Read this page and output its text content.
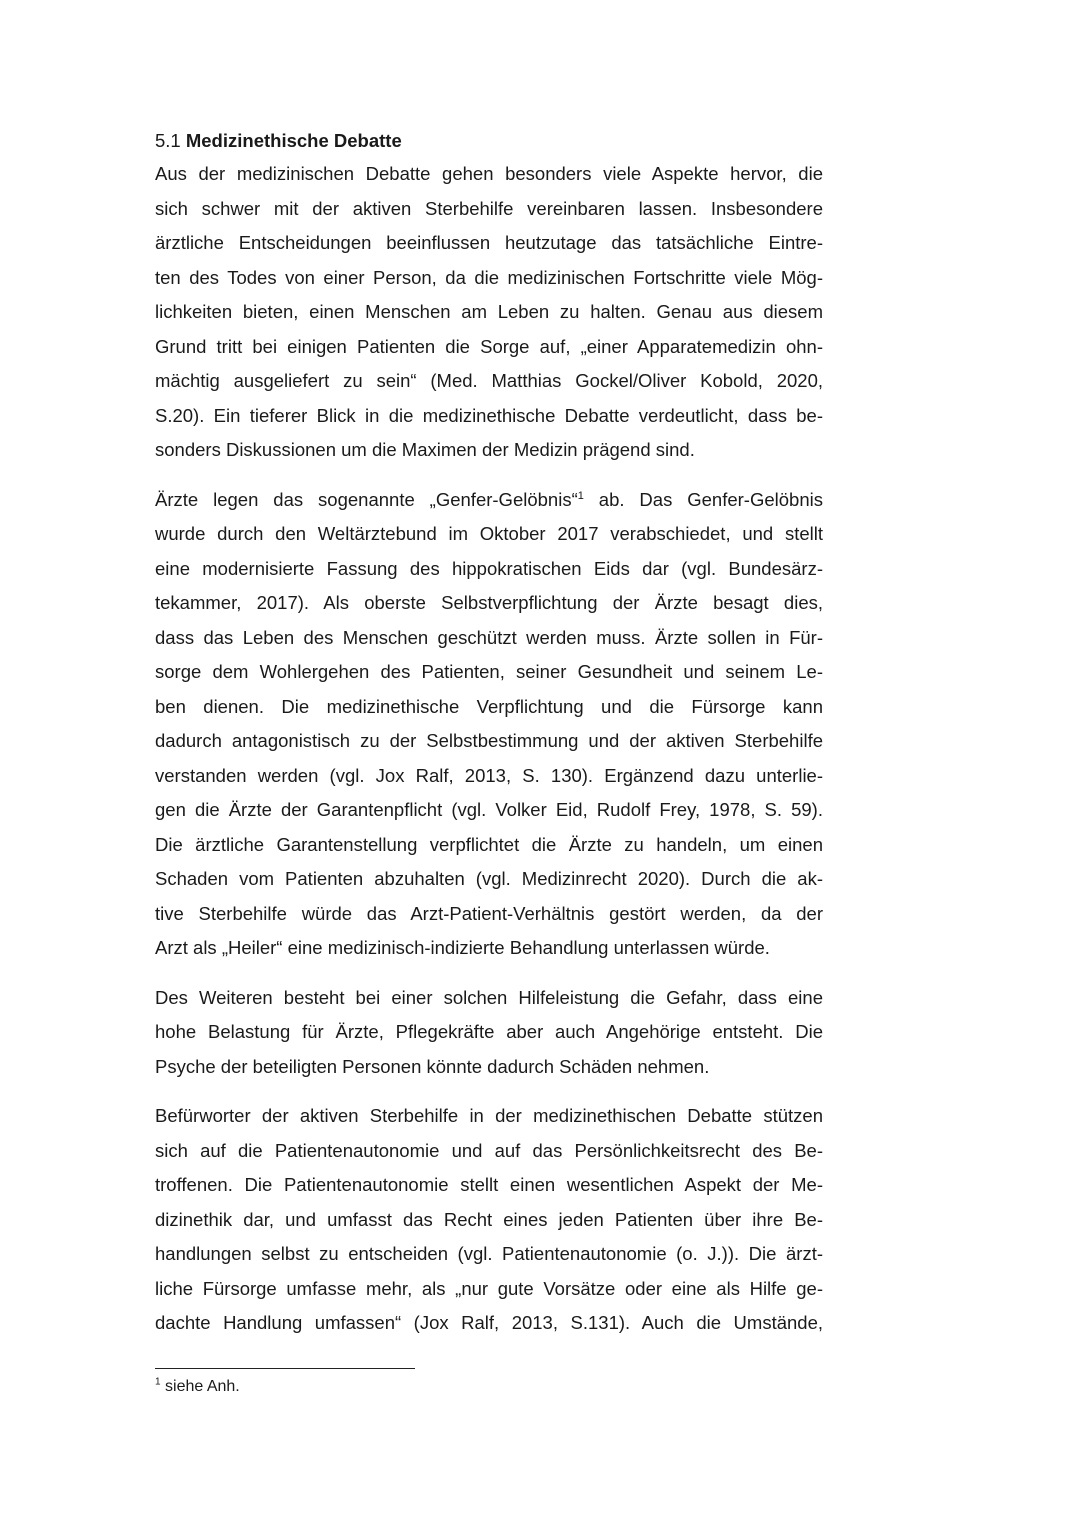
5.1 Medizinethische Debatte

Aus der medizinischen Debatte gehen besonders viele Aspekte hervor, die
sich schwer mit der aktiven Sterbehilfe vereinbaren lassen. Insbesondere
ärztliche Entscheidungen beeinflussen heutzutage das tatsächliche Eintre-
ten des Todes von einer Person, da die medizinischen Fortschritte viele Mög-
lichkeiten bieten, einen Menschen am Leben zu halten. Genau aus diesem
Grund tritt bei einigen Patienten die Sorge auf, „einer Apparatemedizin ohn-
mächtig ausgeliefert zu sein“ (Med. Matthias Gockel/Oliver Kobold, 2020,
S.20). Ein tieferer Blick in die medizinethische Debatte verdeutlicht, dass be-
sonders Diskussionen um die Maximen der Medizin prägend sind.

Ärzte legen das sogenannte „Genfer-Gelöbnis“$^1$ ab. Das Genfer-Gelöbnis
wurde durch den Weltärztebund im Oktober 2017 verabschiedet, und stellt
eine modernisierte Fassung des hippokratischen Eids dar (vgl. Bundesärz-
tekammer, 2017). Als oberste Selbstverpflichtung der Ärzte besagt dies,
dass das Leben des Menschen geschützt werden muss. Ärzte sollen in Für-
sorge dem Wohlergehen des Patienten, seiner Gesundheit und seinem Le-
ben dienen. Die medizinethische Verpflichtung und die Fürsorge kann
dadurch antagonistisch zu der Selbstbestimmung und der aktiven Sterbehilfe
verstanden werden (vgl. Jox Ralf, 2013, S. 130). Ergänzend dazu unterlie-
gen die Ärzte der Garantenpflicht (vgl. Volker Eid, Rudolf Frey, 1978, S. 59).
Die ärztliche Garantenstellung verpflichtet die Ärzte zu handeln, um einen
Schaden vom Patienten abzuhalten (vgl. Medizinrecht 2020). Durch die ak-
tive Sterbehilfe würde das Arzt-Patient-Verhältnis gestört werden, da der
Arzt als „Heiler“ eine medizinisch-indizierte Behandlung unterlassen würde.

Des Weiteren besteht bei einer solchen Hilfeleistung die Gefahr, dass eine
hohe Belastung für Ärzte, Pflegekräfte aber auch Angehörige entsteht. Die
Psyche der beteiligten Personen könnte dadurch Schäden nehmen.

Befürworter der aktiven Sterbehilfe in der medizinethischen Debatte stützen
sich auf die Patientenautonomie und auf das Persönlichkeitsrecht des Be-
troffenen. Die Patientenautonomie stellt einen wesentlichen Aspekt der Me-
dizinethik dar, und umfasst das Recht eines jeden Patienten über ihre Be-
handlungen selbst zu entscheiden (vgl. Patientenautonomie (o. J.)). Die ärzt-
liche Fürsorge umfasse mehr, als „nur gute Vorsätze oder eine als Hilfe ge-
dachte Handlung umfassen“ (Jox Ralf, 2013, S.131). Auch die Umstände,

$^1$ siehe Anh.
